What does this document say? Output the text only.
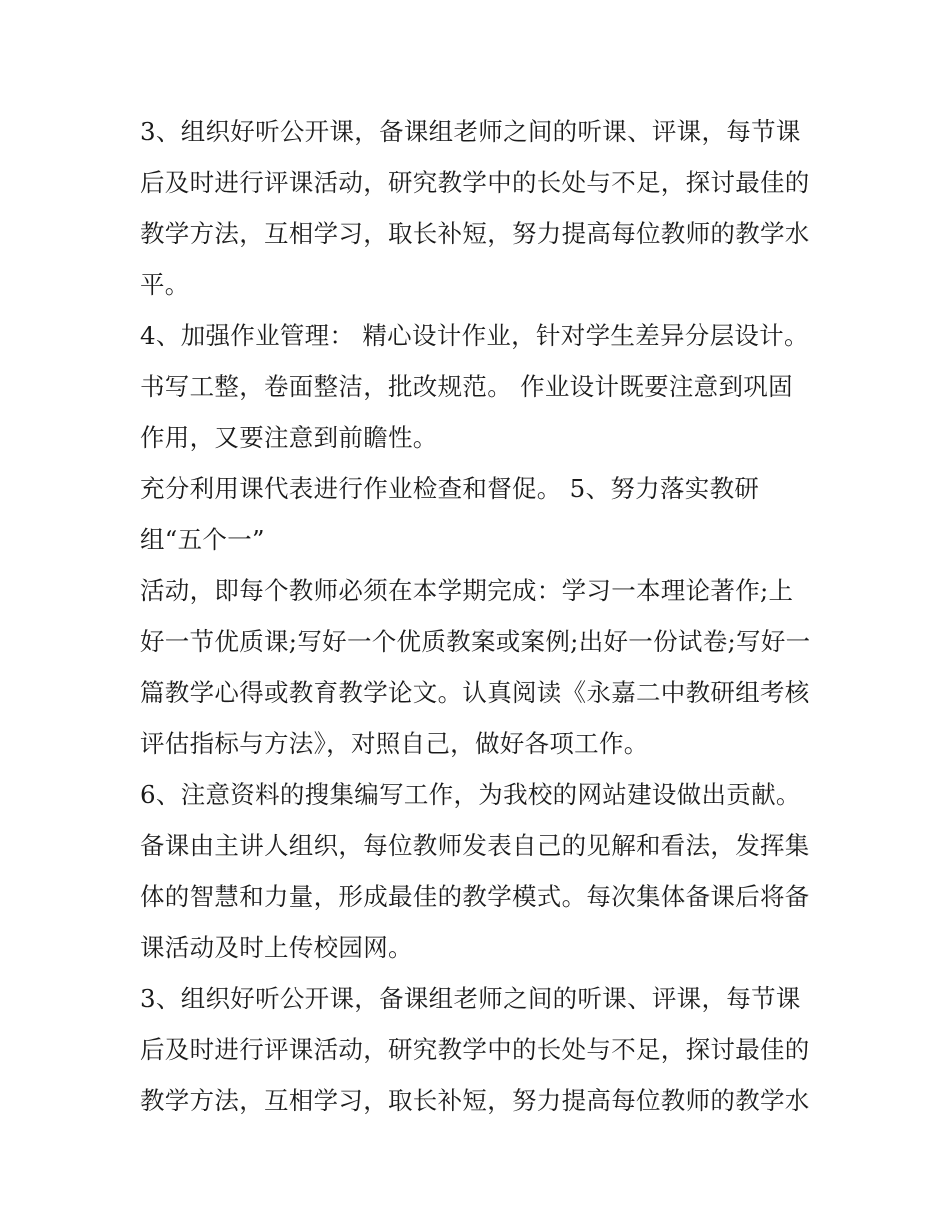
3、组织好听公开课，备课组老师之间的听课、评课，每节课
后及时进行评课活动，研究教学中的长处与不足，探讨最佳的
教学方法，互相学习，取长补短，努力提高每位教师的教学水
平。
4、加强作业管理： 精心设计作业，针对学生差异分层设计。
书写工整，卷面整洁，批改规范。 作业设计既要注意到巩固
作用，又要注意到前瞻性。
充分利用课代表进行作业检查和督促。 5、努力落实教研
组“五个一”
活动，即每个教师必须在本学期完成：学习一本理论著作;上
好一节优质课;写好一个优质教案或案例;出好一份试卷;写好一
篇教学心得或教育教学论文。认真阅读《永嘉二中教研组考核
评估指标与方法》，对照自己，做好各项工作。
6、注意资料的搜集编写工作，为我校的网站建设做出贡献。
备课由主讲人组织，每位教师发表自己的见解和看法，发挥集
体的智慧和力量，形成最佳的教学模式。每次集体备课后将备
课活动及时上传校园网。
3、组织好听公开课，备课组老师之间的听课、评课，每节课
后及时进行评课活动，研究教学中的长处与不足，探讨最佳的
教学方法，互相学习，取长补短，努力提高每位教师的教学水
